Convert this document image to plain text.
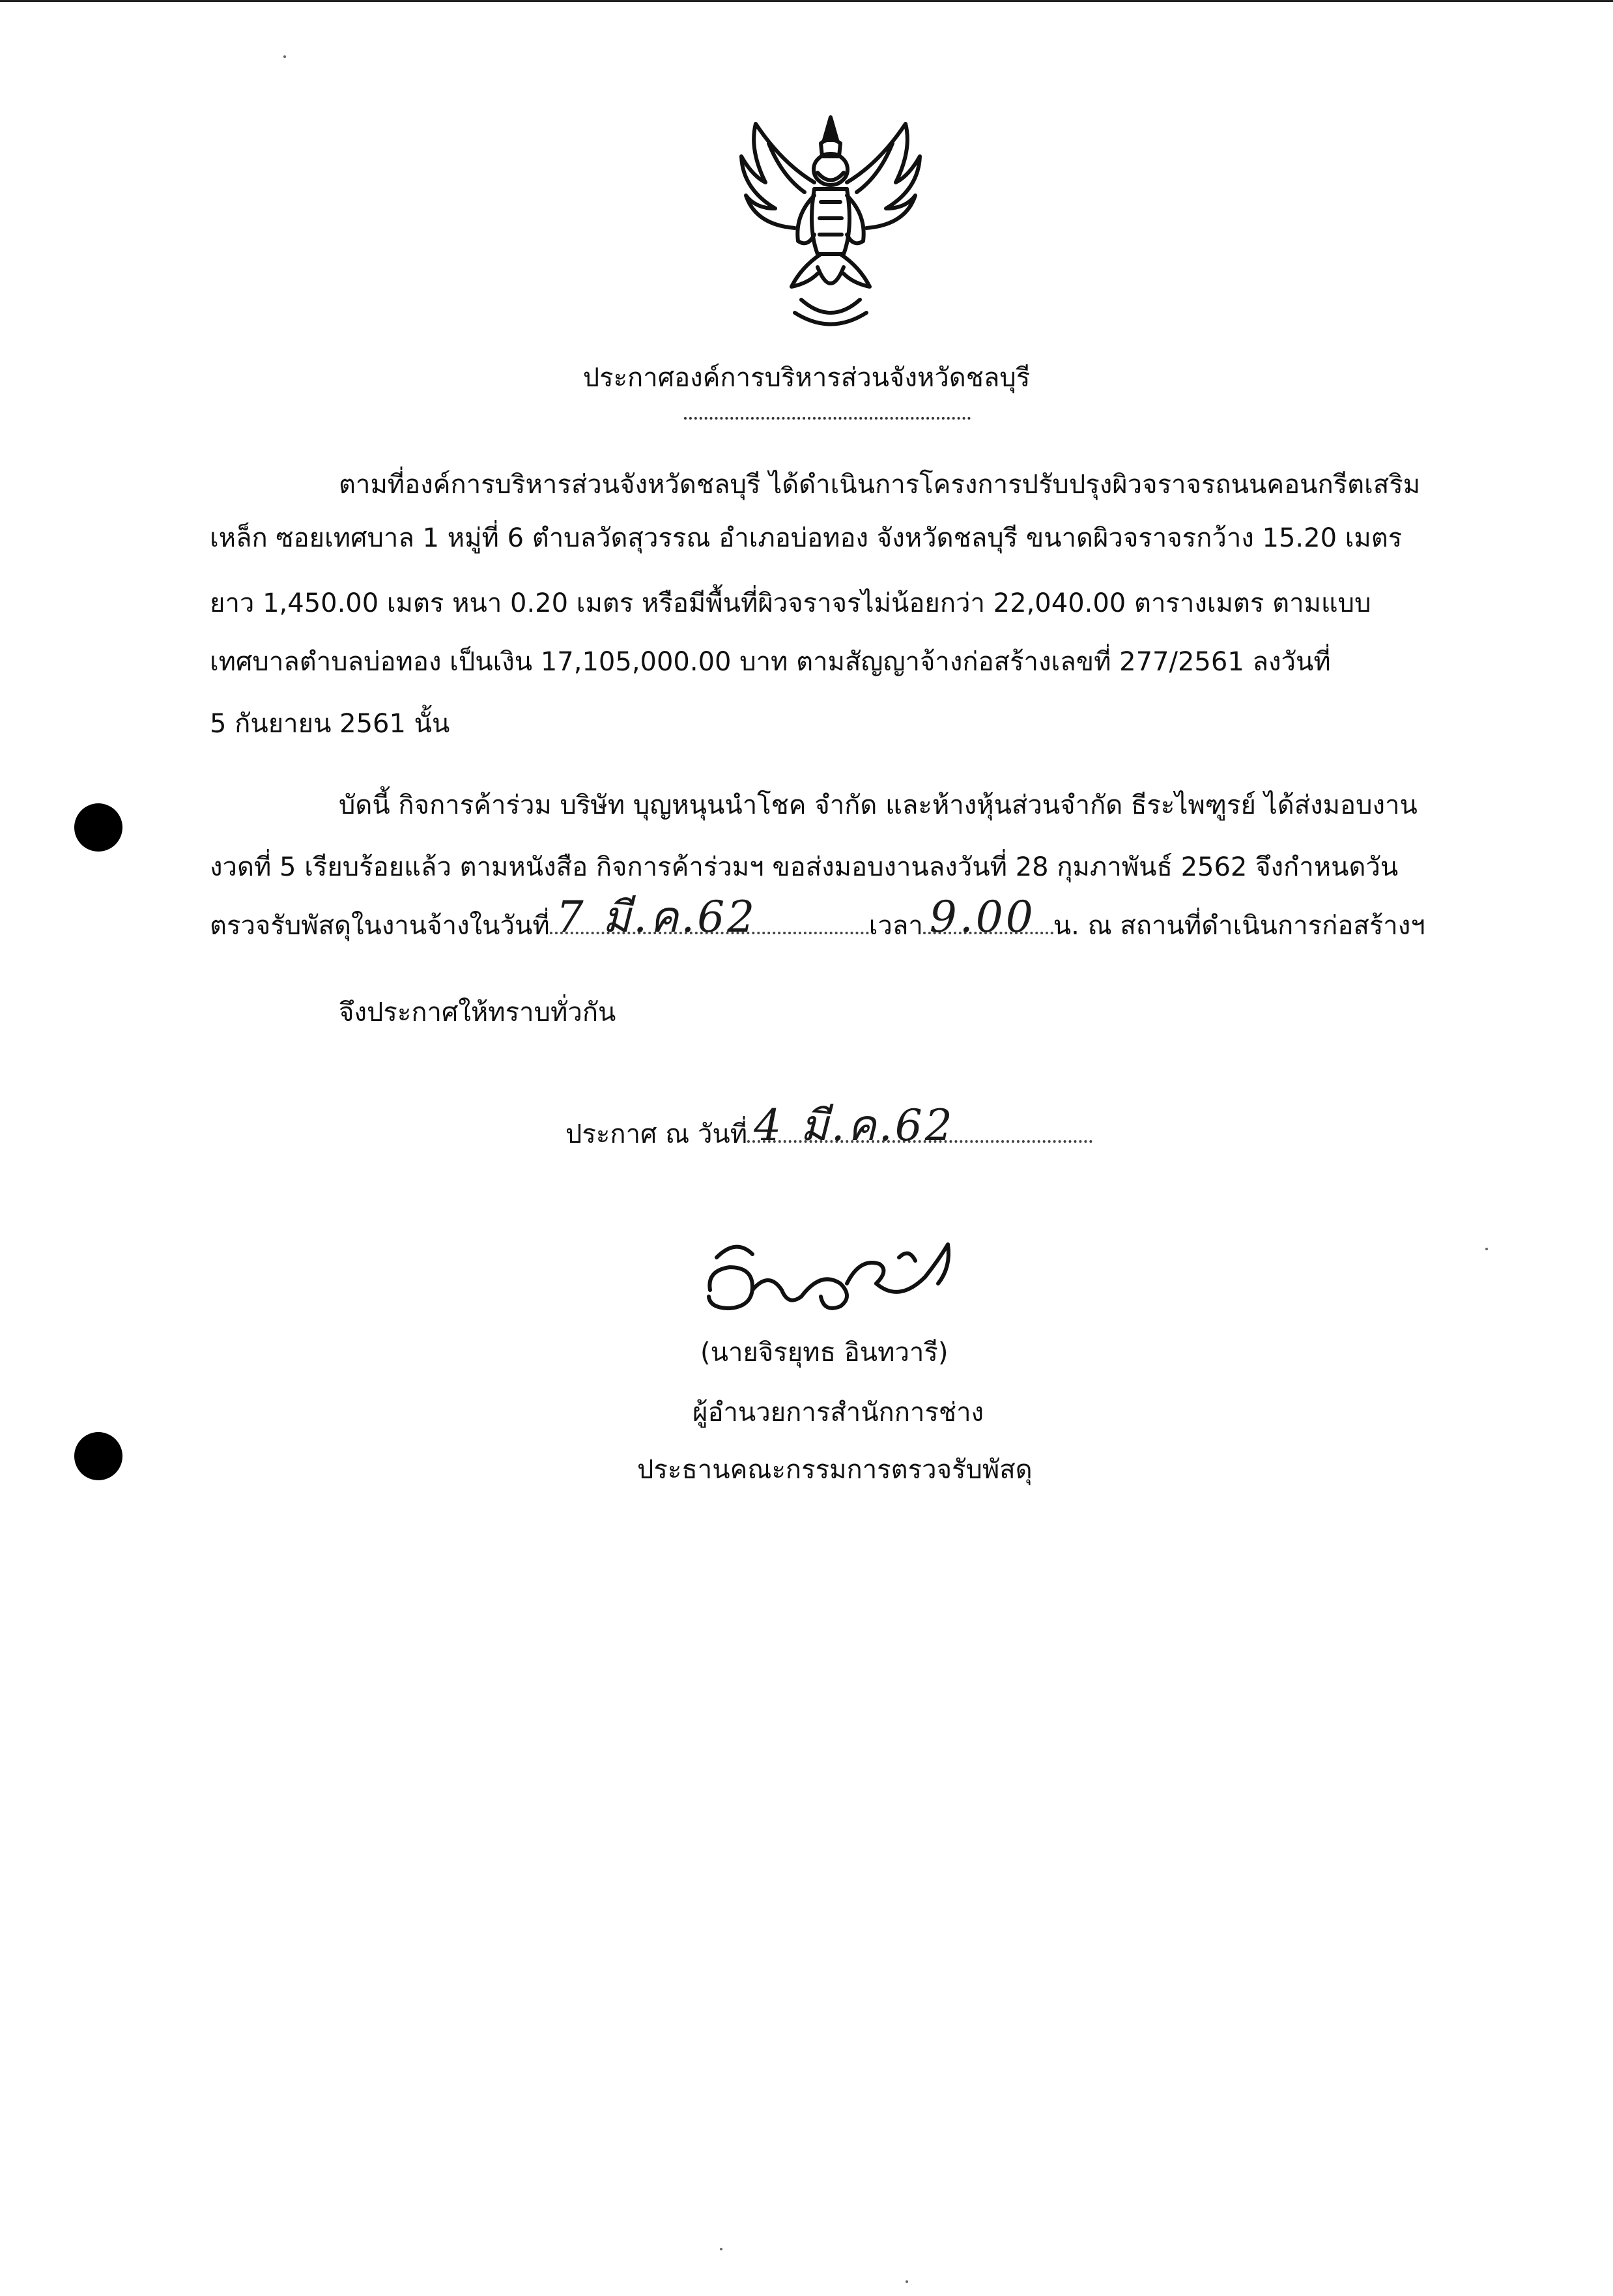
ประกาศองค์การบริหารส่วนจังหวัดชลบุรี
ตามที่องค์การบริหารส่วนจังหวัดชลบุรี ได้ดำเนินการโครงการปรับปรุงผิวจราจรถนนคอนกรีตเสริม
เหล็ก ซอยเทศบาล 1 หมู่ที่ 6 ตำบลวัดสุวรรณ อำเภอบ่อทอง จังหวัดชลบุรี ขนาดผิวจราจรกว้าง 15.20 เมตร
ยาว 1,450.00 เมตร หนา 0.20 เมตร หรือมีพื้นที่ผิวจราจรไม่น้อยกว่า 22,040.00 ตารางเมตร ตามแบบ
เทศบาลตำบลบ่อทอง เป็นเงิน 17,105,000.00 บาท ตามสัญญาจ้างก่อสร้างเลขที่ 277/2561 ลงวันที่
5 กันยายน 2561 นั้น
บัดนี้ กิจการค้าร่วม บริษัท บุญหนุนนำโชค จำกัด และห้างหุ้นส่วนจำกัด ธีระไพฑูรย์ ได้ส่งมอบงาน
งวดที่ 5 เรียบร้อยแล้ว ตามหนังสือ กิจการค้าร่วมฯ ขอส่งมอบงานลงวันที่ 28 กุมภาพันธ์ 2562 จึงกำหนดวัน
ตรวจรับพัสดุในงานจ้างในวันที่ 7 มี.ค.62	เวลา 9.00 น. ณ สถานที่ดำเนินการก่อสร้างฯ
จึงประกาศให้ทราบทั่วกัน
ประกาศ ณ วันที่ 4 มี.ค.62
(นายจิรยุทธ อินทวารี)
ผู้อำนวยการสำนักการช่าง
ประธานคณะกรรมการตรวจรับพัสดุ
